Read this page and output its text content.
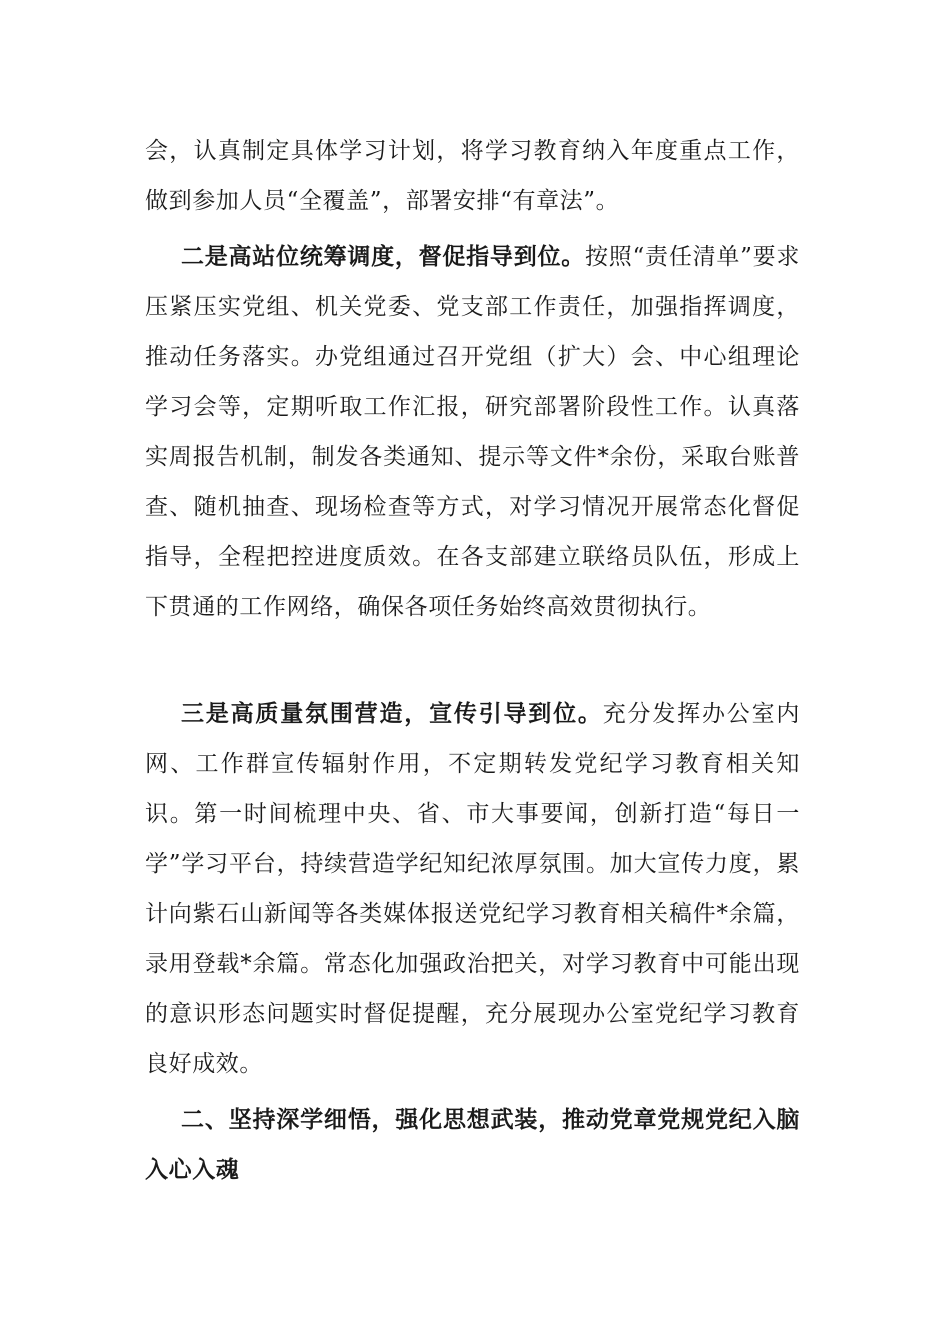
会，认真制定具体学习计划，将学习教育纳入年度重点工作，做到参加人员“全覆盖”，部署安排“有章法”。

二是高站位统筹调度，督促指导到位。按照“责任清单”要求压紧压实党组、机关党委、党支部工作责任，加强指挥调度，推动任务落实。办党组通过召开党组（扩大）会、中心组理论学习会等，定期听取工作汇报，研究部署阶段性工作。认真落实周报告机制，制发各类通知、提示等文件*余份，采取台账普查、随机抽查、现场检查等方式，对学习情况开展常态化督促指导，全程把控进度质效。在各支部建立联络员队伍，形成上下贯通的工作网络，确保各项任务始终高效贯彻执行。

三是高质量氛围营造，宣传引导到位。充分发挥办公室内网、工作群宣传辐射作用，不定期转发党纪学习教育相关知识。第一时间梳理中央、省、市大事要闻，创新打造“每日一学”学习平台，持续营造学纪知纪浓厚氛围。加大宣传力度，累计向紫石山新闻等各类媒体报送党纪学习教育相关稿件*余篇，录用登载*余篇。常态化加强政治把关，对学习教育中可能出现的意识形态问题实时督促提醒，充分展现办公室党纪学习教育良好成效。

二、坚持深学细悟，强化思想武装，推动党章党规党纪入脑入心入魂
